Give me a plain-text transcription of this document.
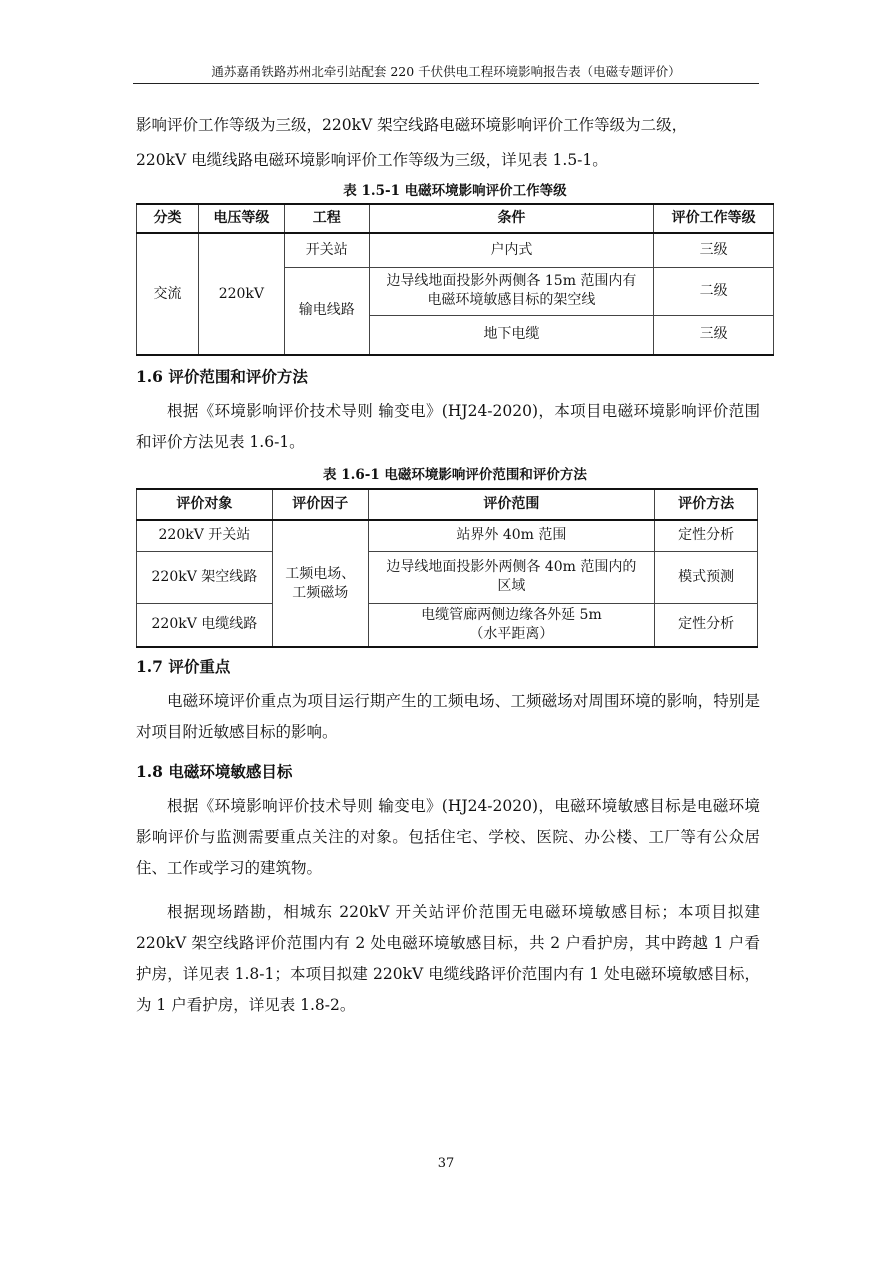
通苏嘉甬铁路苏州北牵引站配套 220 千伏供电工程环境影响报告表（电磁专题评价）

影响评价工作等级为三级，220kV 架空线路电磁环境影响评价工作等级为二级，

220kV 电缆线路电磁环境影响评价工作等级为三级，详见表 1.5-1。

表 1.5-1 电磁环境影响评价工作等级
分类	电压等级	工程	条件	评价工作等级
交流	220kV	开关站	户内式	三级
		输电线路	边导线地面投影外两侧各 15m 范围内有电磁环境敏感目标的架空线	二级
			地下电缆	三级
1.6 评价范围和评价方法

根据《环境影响评价技术导则 输变电》(HJ24-2020)，本项目电磁环境影响评价范围和评价方法见表 1.6-1。

表 1.6-1 电磁环境影响评价范围和评价方法
评价对象	评价因子	评价范围	评价方法
220kV 开关站	工频电场、工频磁场	站界外 40m 范围	定性分析
220kV 架空线路		边导线地面投影外两侧各 40m 范围内的区域	模式预测
220kV 电缆线路		电缆管廊两侧边缘各外延 5m（水平距离）	定性分析
1.7 评价重点

电磁环境评价重点为项目运行期产生的工频电场、工频磁场对周围环境的影响，特别是对项目附近敏感目标的影响。

1.8 电磁环境敏感目标

根据《环境影响评价技术导则 输变电》(HJ24-2020)，电磁环境敏感目标是电磁环境影响评价与监测需要重点关注的对象。包括住宅、学校、医院、办公楼、工厂等有公众居住、工作或学习的建筑物。

根据现场踏勘，相城东 220kV 开关站评价范围无电磁环境敏感目标；本项目拟建 220kV 架空线路评价范围内有 2 处电磁环境敏感目标，共 2 户看护房，其中跨越 1 户看护房，详见表 1.8-1；本项目拟建 220kV 电缆线路评价范围内有 1 处电磁环境敏感目标，为 1 户看护房，详见表 1.8-2。

37
